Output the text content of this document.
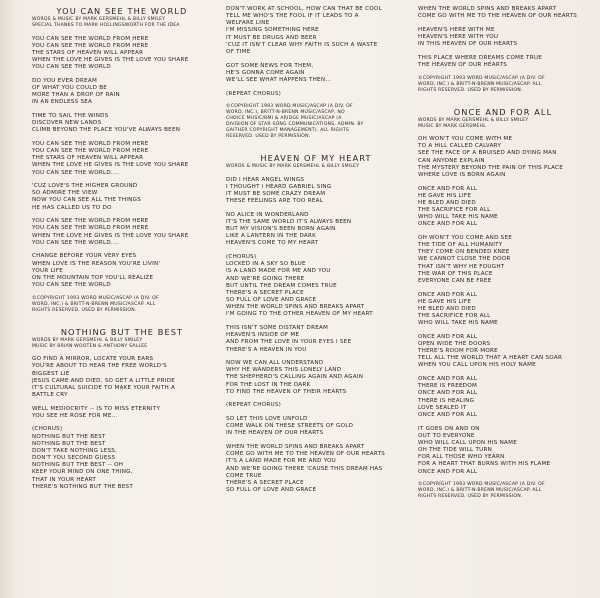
YOU CAN SEE THE WORLD
WORDS & MUSIC BY MARK GERSMEHL & BILLY SMILEY
SPECIAL THANKS TO MARK HOLLINGSWORTH FOR THE IDEA
YOU CAN SEE THE WORLD FROM HERE
YOU CAN SEE THE WORLD FROM HERE
THE STARS OF HEAVEN WILL APPEAR
WHEN THE LOVE HE GIVES IS THE LOVE YOU SHARE
YOU CAN SEE THE WORLD
DO YOU EVER DREAM
OF WHAT YOU COULD BE
MORE THAN A DROP OF RAIN
IN AN ENDLESS SEA
TIME TO SAIL THE WINDS
DISCOVER NEW LANDS
CLIMB BEYOND THE PLACE YOU'VE ALWAYS BEEN
YOU CAN SEE THE WORLD FROM HERE
YOU CAN SEE THE WORLD FROM HERE
THE STARS OF HEAVEN WILL APPEAR
WHEN THE LOVE HE GIVES IS THE LOVE YOU SHARE
YOU CAN SEE THE WORLD....
'CUZ LOVE'S THE HIGHER GROUND
SO ADMIRE THE VIEW
NOW YOU CAN SEE ALL THE THINGS
HE HAS CALLED US TO DO
YOU CAN SEE THE WORLD FROM HERE
YOU CAN SEE THE WORLD FROM HERE
WHEN THE LOVE HE GIVES IS THE LOVE YOU SHARE
YOU CAN SEE THE WORLD....
CHANGE BEFORE YOUR VERY EYES
WHEN LOVE IS THE REASON YOU'RE LIVIN'
YOUR LIFE
ON THE MOUNTAIN TOP YOU'LL REALIZE
YOU CAN SEE THE WORLD
©COPYRIGHT 1993 WORD MUSIC/ASCAP (A DIV. OF
WORD, INC.) & BRITT-N-BRENN MUSIC/ASCAP. ALL
RIGHTS RESERVED. USED BY PERMISSION.
NOTHING BUT THE BEST
WORDS BY MARK GERSMEHL & BILLY SMILEY
MUSIC BY BRIAN WOOTEN & ANTHONY SALLEE
GO FIND A MIRROR, LOCATE YOUR EARS
YOU'RE ABOUT TO HEAR THE FREE WORLD'S
BIGGEST LIE
JESUS CAME AND DIED, SO GET A LITTLE PRIDE
IT'S CULTURAL SUICIDE TO MAKE YOUR FAITH A
BATTLE CRY
WELL MEDIOCRITY -- IS TO MISS ETERNITY
YOU SEE HE ROSE FOR ME...
(CHORUS)
NOTHING BUT THE BEST
NOTHING BUT THE BEST
DON'T TAKE NOTHING LESS,
DON'T YOU SECOND GUESS
NOTHING BUT THE BEST -- OH
KEEP YOUR MIND ON ONE THING,
THAT IN YOUR HEART
THERE'S NOTHING BUT THE BEST
DON'T WORK AT SCHOOL, HOW CAN THAT BE COOL
TELL ME WHO'S THE FOOL IF IT LEADS TO A
WELFARE LINE
I'M MISSING SOMETHING HERE
IT MUST BE DRUGS AND BEER
'CUZ IT ISN'T CLEAR WHY FAITH IS SUCH A WASTE
OF TIME
GOT SOME NEWS FOR THEM,
HE'S GONNA COME AGAIN
WE'LL SEE WHAT HAPPENS THEN...
(REPEAT CHORUS)
©COPYRIGHT 1993 WORD MUSIC/ASCAP (A DIV. OF
WORD, INC.), BRITT-N-BRENN MUSIC/ASCAP, NO
CHOICE MUSIC/BMI & ARIDGE MUSIC/ASCAP (A
DIVISION OF STAR SONG COMMUNICATIONS, ADMIN. BY
GAITHER COPYRIGHT MANAGEMENT). ALL RIGHTS
RESERVED. USED BY PERMISSION.
HEAVEN OF MY HEART
WORDS & MUSIC BY MARK GERSMEHL & BILLY SMILEY
DID I HEAR ANGEL WINGS
I THOUGHT I HEARD GABRIEL SING
IT MUST BE SOME CRAZY DREAM
THESE FEELINGS ARE TOO REAL
NO ALICE IN WONDERLAND
IT'S THE SAME WORLD IT'S ALWAYS BEEN
BUT MY VISION'S BEEN BORN AGAIN
LIKE A LANTERN IN THE DARK
HEAVEN'S COME TO MY HEART
(CHORUS)
LOCKED IN A SKY SO BLUE
IS A LAND MADE FOR ME AND YOU
AND WE'RE GOING THERE
BUT UNTIL THE DREAM COMES TRUE
THERE'S A SECRET PLACE
SO FULL OF LOVE AND GRACE
WHEN THE WORLD SPINS AND BREAKS APART
I'M GOING TO THE OTHER HEAVEN OF MY HEART
THIS ISN'T SOME DISTANT DREAM
HEAVEN'S INSIDE OF ME
AND FROM THE LOVE IN YOUR EYES I SEE
THERE'S A HEAVEN IN YOU
NOW WE CAN ALL UNDERSTAND
WHY HE WANDERS THIS LONELY LAND
THE SHEPHERD'S CALLING AGAIN AND AGAIN
FOR THE LOST IN THE DARK
TO FIND THE HEAVEN OF THEIR HEARTS
(REPEAT CHORUS)
SO LET THIS LOVE UNFOLD
COME WALK ON THESE STREETS OF GOLD
IN THE HEAVEN OF OUR HEARTS
WHEN THE WORLD SPINS AND BREAKS APART
COME GO WITH ME TO THE HEAVEN OF OUR HEARTS
IT'S A LAND MADE FOR ME AND YOU
AND WE'RE GOING THERE 'CAUSE THIS DREAM HAS
COME TRUE
THERE'S A SECRET PLACE
SO FULL OF LOVE AND GRACE
WHEN THE WORLD SPINS AND BREAKS APART
COME GO WITH ME TO THE HEAVEN OF OUR HEARTS
HEAVEN'S HERE WITH ME
HEAVEN'S HERE WITH YOU
IN THIS HEAVEN OF OUR HEARTS
THIS PLACE WHERE DREAMS COME TRUE
THE HEAVEN OF OUR HEARTS
©COPYRIGHT 1993 WORD MUSIC/ASCAP (A DIV. OF
WORD, INC.) & BRITT-N-BRENN MUSIC/ASCAP. ALL
RIGHTS RESERVED. USED BY PERMISSION.
ONCE AND FOR ALL
WORDS BY MARK GERSMEHL & BILLY SMILEY
MUSIC BY MARK GERSMEHL
OH WON'T YOU COME WITH ME
TO A HILL CALLED CALVARY
SEE THE FACE OF A BRUISED AND DYING MAN
CAN ANYONE EXPLAIN
THE MYSTERY BEYOND THE PAIN OF THIS PLACE
WHERE LOVE IS BORN AGAIN
ONCE AND FOR ALL
HE GAVE HIS LIFE
HE BLED AND DIED
THE SACRIFICE FOR ALL
WHO WILL TAKE HIS NAME
ONCE AND FOR ALL
OH WON'T YOU COME AND SEE
THE TIDE OF ALL HUMANITY
THEY COME ON BENDED KNEE
WE CANNOT CLOSE THE DOOR
THAT ISN'T WHY HE FOUGHT
THE WAR OF THIS PLACE
EVERYONE CAN BE FREE
ONCE AND FOR ALL
HE GAVE HIS LIFE
HE BLED AND DIED
THE SACRIFICE FOR ALL
WHO WILL TAKE HIS NAME
ONCE AND FOR ALL
OPEN WIDE THE DOORS
THERE'S ROOM FOR MORE
TELL ALL THE WORLD THAT A HEART CAN SOAR
WHEN YOU CALL UPON HIS HOLY NAME
ONCE AND FOR ALL
THERE IS FREEDOM
ONCE AND FOR ALL
THERE IS HEALING
LOVE SEALED IT
ONCE AND FOR ALL
IT GOES ON AND ON
OUT TO EVERYONE
WHO WILL CALL UPON HIS NAME
OH THE TIDE WILL TURN
FOR ALL THOSE WHO YEARN
FOR A HEART THAT BURNS WITH HIS FLAME
ONCE AND FOR ALL
©COPYRIGHT 1993 WORD MUSIC/ASCAP (A DIV. OF
WORD, INC.) & BRITT-N-BRENN MUSIC/ASCAP. ALL
RIGHTS RESERVED. USED BY PERMISSION.
